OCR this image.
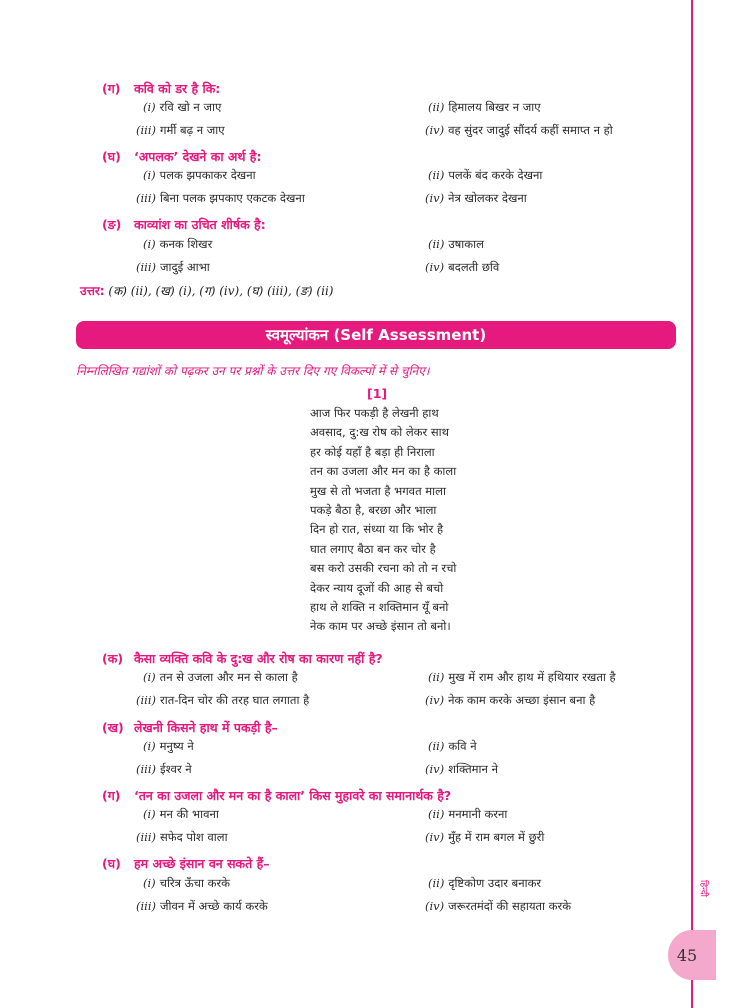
(ग) कवि को डर है कि:
(i) रवि खो न जाए	(ii) हिमालय बिखर न जाए
(iii) गर्मी बढ़ न जाए	(iv) वह सुंदर जादुई सौंदर्य कहीं समाप्त न हो
(घ) ‘अपलक’ देखने का अर्थ है:
(i) पलक झपकाकर देखना	(ii) पलकें बंद करके देखना
(iii) बिना पलक झपकाए एकटक देखना	(iv) नेत्र खोलकर देखना
(ङ) काव्यांश का उचित शीर्षक है:
(i) कनक शिखर	(ii) उषाकाल
(iii) जादुई आभा	(iv) बदलती छवि
उत्तर: (क) (ii), (ख) (i), (ग) (iv), (घ) (iii), (ङ) (ii)
स्वमूल्यांकन (Self Assessment)
निम्नलिखित गद्यांशों को पढ़कर उन पर प्रश्नों के उत्तर दिए गए विकल्पों में से चुनिए।
[1]
आज फिर पकड़ी है लेखनी हाथ
अवसाद, दु:ख रोष को लेकर साथ
हर कोई यहाँ है बड़ा ही निराला
तन का उजला और मन का है काला
मुख से तो भजता है भगवत माला
पकड़े बैठा है, बरछा और भाला
दिन हो रात, संध्या या कि भोर है
घात लगाए बैठा बन कर चोर है
बस करो उसकी रचना को तो न रचो
देकर न्याय दूजों की आह से बचो
हाथ ले शक्ति न शक्तिमान यूँ बनो
नेक काम पर अच्छे इंसान तो बनो।
(क) कैसा व्यक्ति कवि के दु:ख और रोष का कारण नहीं है?
(i) तन से उजला और मन से काला है	(ii) मुख में राम और हाथ में हथियार रखता है
(iii) रात-दिन चोर की तरह घात लगाता है	(iv) नेक काम करके अच्छा इंसान बना है
(ख) लेखनी किसने हाथ में पकड़ी है–
(i) मनुष्य ने	(ii) कवि ने
(iii) ईश्वर ने	(iv) शक्तिमान ने
(ग) ‘तन का उजला और मन का है काला’ किस मुहावरे का समानार्थक है?
(i) मन की भावना	(ii) मनमानी करना
(iii) सफेद पोश वाला	(iv) मुँह में राम बगल में छुरी
(घ) हम अच्छे इंसान वन सकते हैं–
(i) चरित्र ऊँचा करके	(ii) दृष्टिकोण उदार बनाकर
(iii) जीवन में अच्छे कार्य करके	(iv) जरूरतमंदों की सहायता करके
हिन्दी
45
